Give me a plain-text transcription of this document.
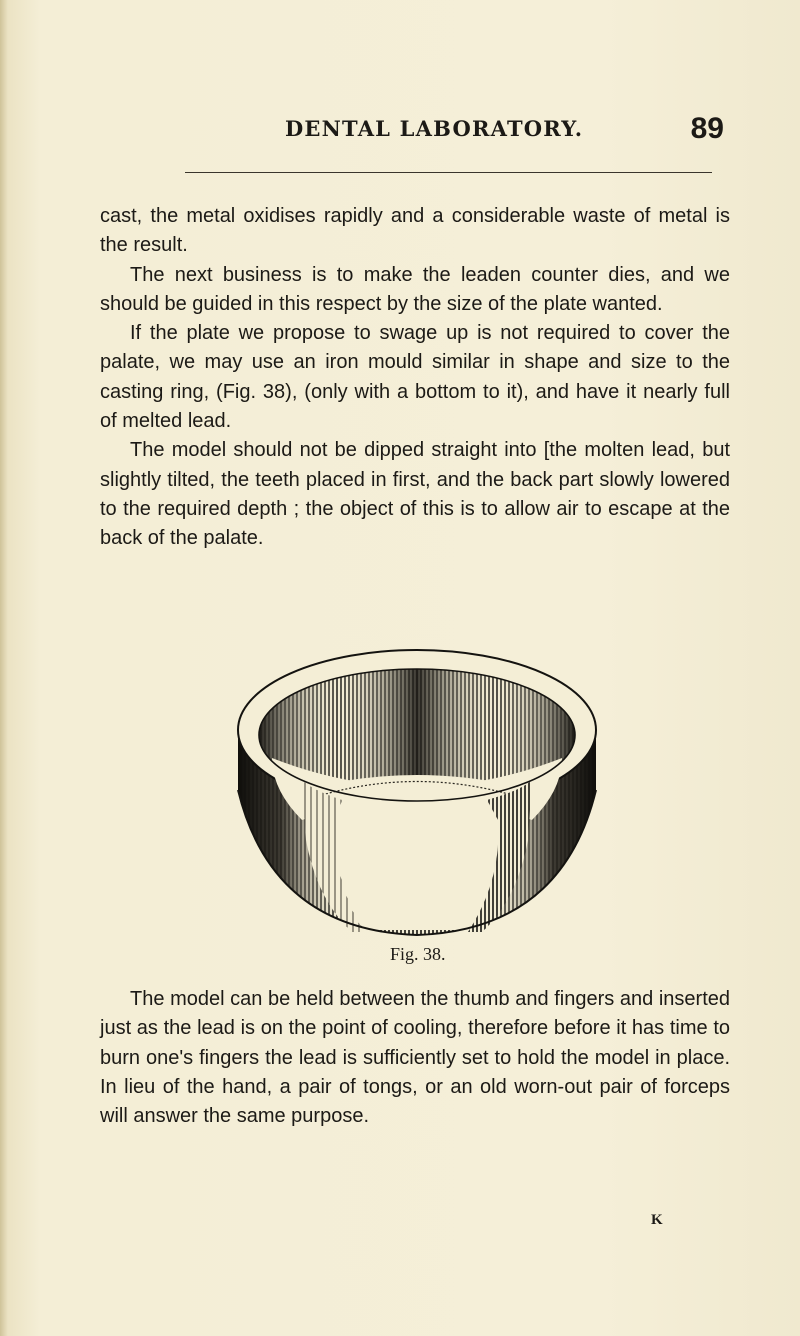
DENTAL LABORATORY.	89

cast, the metal oxidises rapidly and a considerable waste of metal is the result.

The next business is to make the leaden counter dies, and we should be guided in this respect by the size of the plate wanted.

If the plate we propose to swage up is not required to cover the palate, we may use an iron mould similar in shape and size to the casting ring, (Fig. 38), (only with a bottom to it), and have it nearly full of melted lead.

The model should not be dipped straight into [the molten lead, but slightly tilted, the teeth placed in first, and the back part slowly lowered to the required depth ; the object of this is to allow air to escape at the back of the palate.

Fig. 38.

The model can be held between the thumb and fingers and inserted just as the lead is on the point of cooling, therefore before it has time to burn one's fingers the lead is sufficiently set to hold the model in place. In lieu of the hand, a pair of tongs, or an old worn-out pair of forceps will answer the same purpose.

K
